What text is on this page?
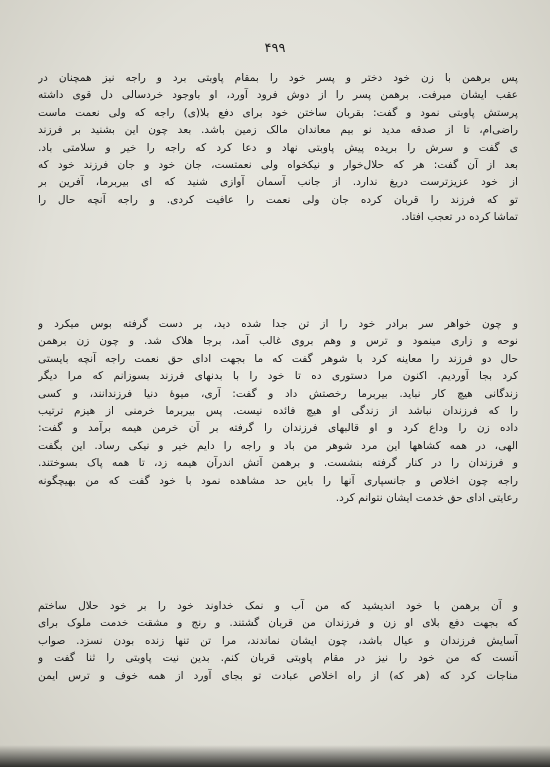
۴۹۹
پس برهمن با زن خود دختر و پسر خود را بمقام پاوبتی برد و راجه نیز همچنان در
عقب ایشان میرفت. برهمن پسر را از دوش فرود آورد، او باوجود خردسالی دل قوی داشته
پرستش پاوبتی نمود و گفت: بقربان ساختن خود برای دفع بلا(ی) راجه که ولی نعمت ماست
راضی‌ام، تا از صدقه مدید نو بیم معاندان مالک زمین باشد. بعد چون این بشنید بر فرزند
ی گفت و سرش را بریده پیش پاوبتی نهاد و دعا کرد که راجه را خیر و سلامتی باد.
بعد از آن گفت: هر که حلال‌خوار و نیکخواه ولی نعمتست، جان خود و جان فرزند خود که
از خود عزیزترست دریغ ندارد. از جانب آسمان آوازی شنید که ای بیربرما، آفرین بر
تو که فرزند را قربان کرده جان ولی نعمت را عافیت کردی. و راجه آنچه حال را
تماشا کرده در تعجب افتاد.
و چون خواهر سر برادر خود را از تن جدا شده دید، بر دست گرفته بوس میکرد و
نوحه و زاری مینمود و ترس و وهم بروی غالب آمد، برجا هلاک شد. و چون زن برهمن
حال دو فرزند را معاینه کرد با شوهر گفت که ما بجهت ادای حق نعمت راجه آنچه بایستی
کرد بجا آوردیم. اکنون مرا دستوری ده تا خود را با بدنهای فرزند بسوزانم که مرا دیگر
زندگانی هیچ کار نباید. بیربرما رخصتش داد و گفت: آری، میوهٔ دنیا فرزندانند، و کسی
را که فرزندان نباشد از زندگی او هیچ فائده نیست. پس بیربرما خرمنی از هیزم ترتیب
داده زن را وداع کرد و او قالبهای فرزندان را گرفته بر آن خرمن هیمه برآمد و گفت:
الهی، در همه کشاهها این مرد شوهر من باد و راجه را دایم خیر و نیکی رساد. این بگفت
و فرزندان را در کنار گرفته بنشست. و برهمن آتش اندرآن هیمه زد، تا همه پاک بسوختند.
راجه چون اخلاص و جانسپاری آنها را باین حد مشاهده نمود با خود گفت که من بهیچگونه
رعایتی ادای حق خدمت ایشان نتوانم کرد.
و آن برهمن با خود اندیشید که من آب و نمک خداوند خود را بر خود حلال ساختم
که بجهت دفع بلای او زن و فرزندان من قربان گشتند. و رنج و مشقت خدمت ملوک برای
آسایش فرزندان و عیال باشد، چون ایشان نماندند، مرا تن تنها زنده بودن نسزد. صواب
آنست که من خود را نیز در مقام پاوبتی قربان کنم. بدین نیت پاوبتی را ثنا گفت و
مناجات کرد که (هر که) از راه اخلاص عبادت تو بجای آورد از همه خوف و ترس ایمن
